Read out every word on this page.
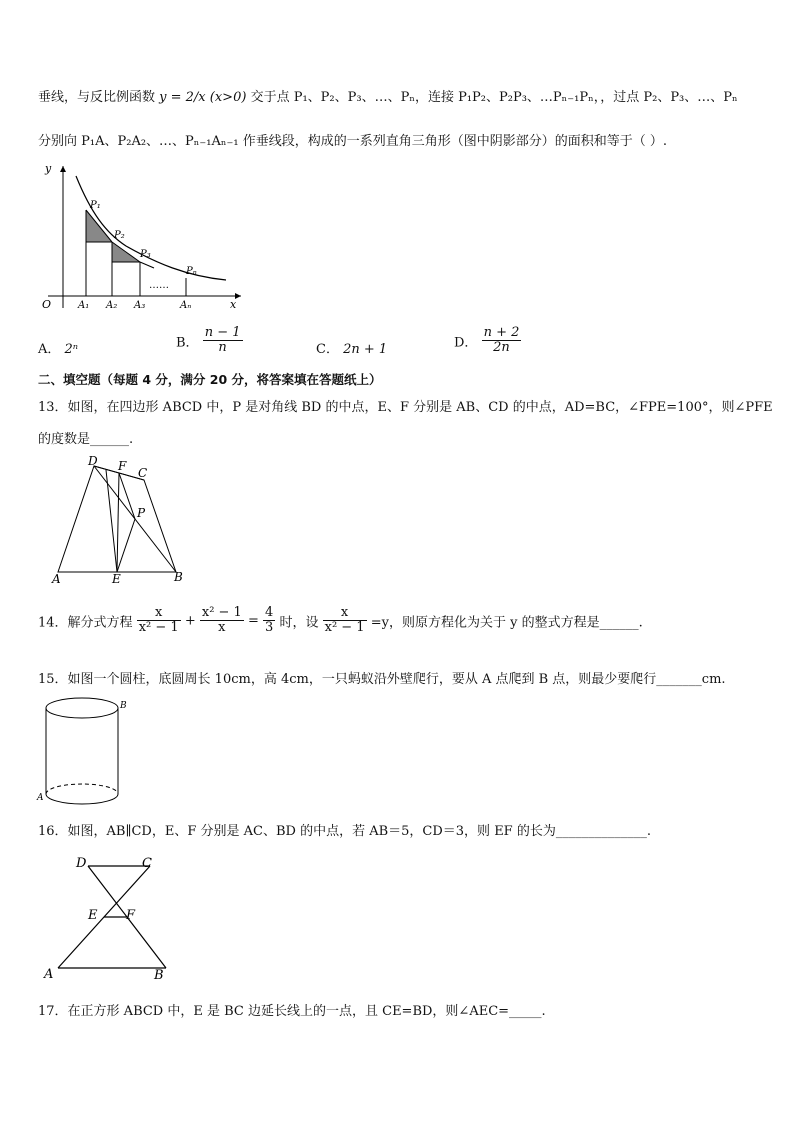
垂线，与反比例函数 y = 2/x (x>0) 交于点 P₁、P₂、P₃、…、Pₙ，连接 P₁P₂、P₂P₃、…Pₙ₋₁Pₙ，，过点 P₂、P₃、…、Pₙ
分别向 P₁A、P₂A₂、…、Pₙ₋₁Aₙ₋₁ 作垂线段，构成的一系列直角三角形（图中阴影部分）的面积和等于（ ）.
y
x
O
P₁
P₂
P₃
Pₙ
A₁ A₂ A₃	Aₙ
……
A． 2ⁿ	B． $\frac{n - 1}{n}$	C． 2n + 1	D． $\frac{n + 2}{2n}$
二、填空题（每题 4 分，满分 20 分，将答案填在答题纸上）
13．如图，在四边形 ABCD 中，P 是对角线 BD 的中点，E、F 分别是 AB、CD 的中点，AD=BC，∠FPE=100°，则∠PFE
的度数是______.
D F C
P
A	E	B
14．解分式方程 $\frac{x}{\text{x² − 1}} + \frac{\text{x² − 1}}{x} = \frac{4}{3}$ 时，设 $\frac{x}{\text{x² − 1}} =y$，则原方程化为关于 y 的整式方程是______.
15．如图一个圆柱，底圆周长 10cm，高 4cm，一只蚂蚁沿外壁爬行，要从 A 点爬到 B 点，则最少要爬行_______cm.
B
A
16．如图，AB∥CD，E、F 分别是 AC、BD 的中点，若 AB＝5，CD＝3，则 EF 的长为______________.
D	C
E F
A	B
17．在正方形 ABCD 中，E 是 BC 边延长线上的一点，且 CE=BD，则∠AEC=_____.
